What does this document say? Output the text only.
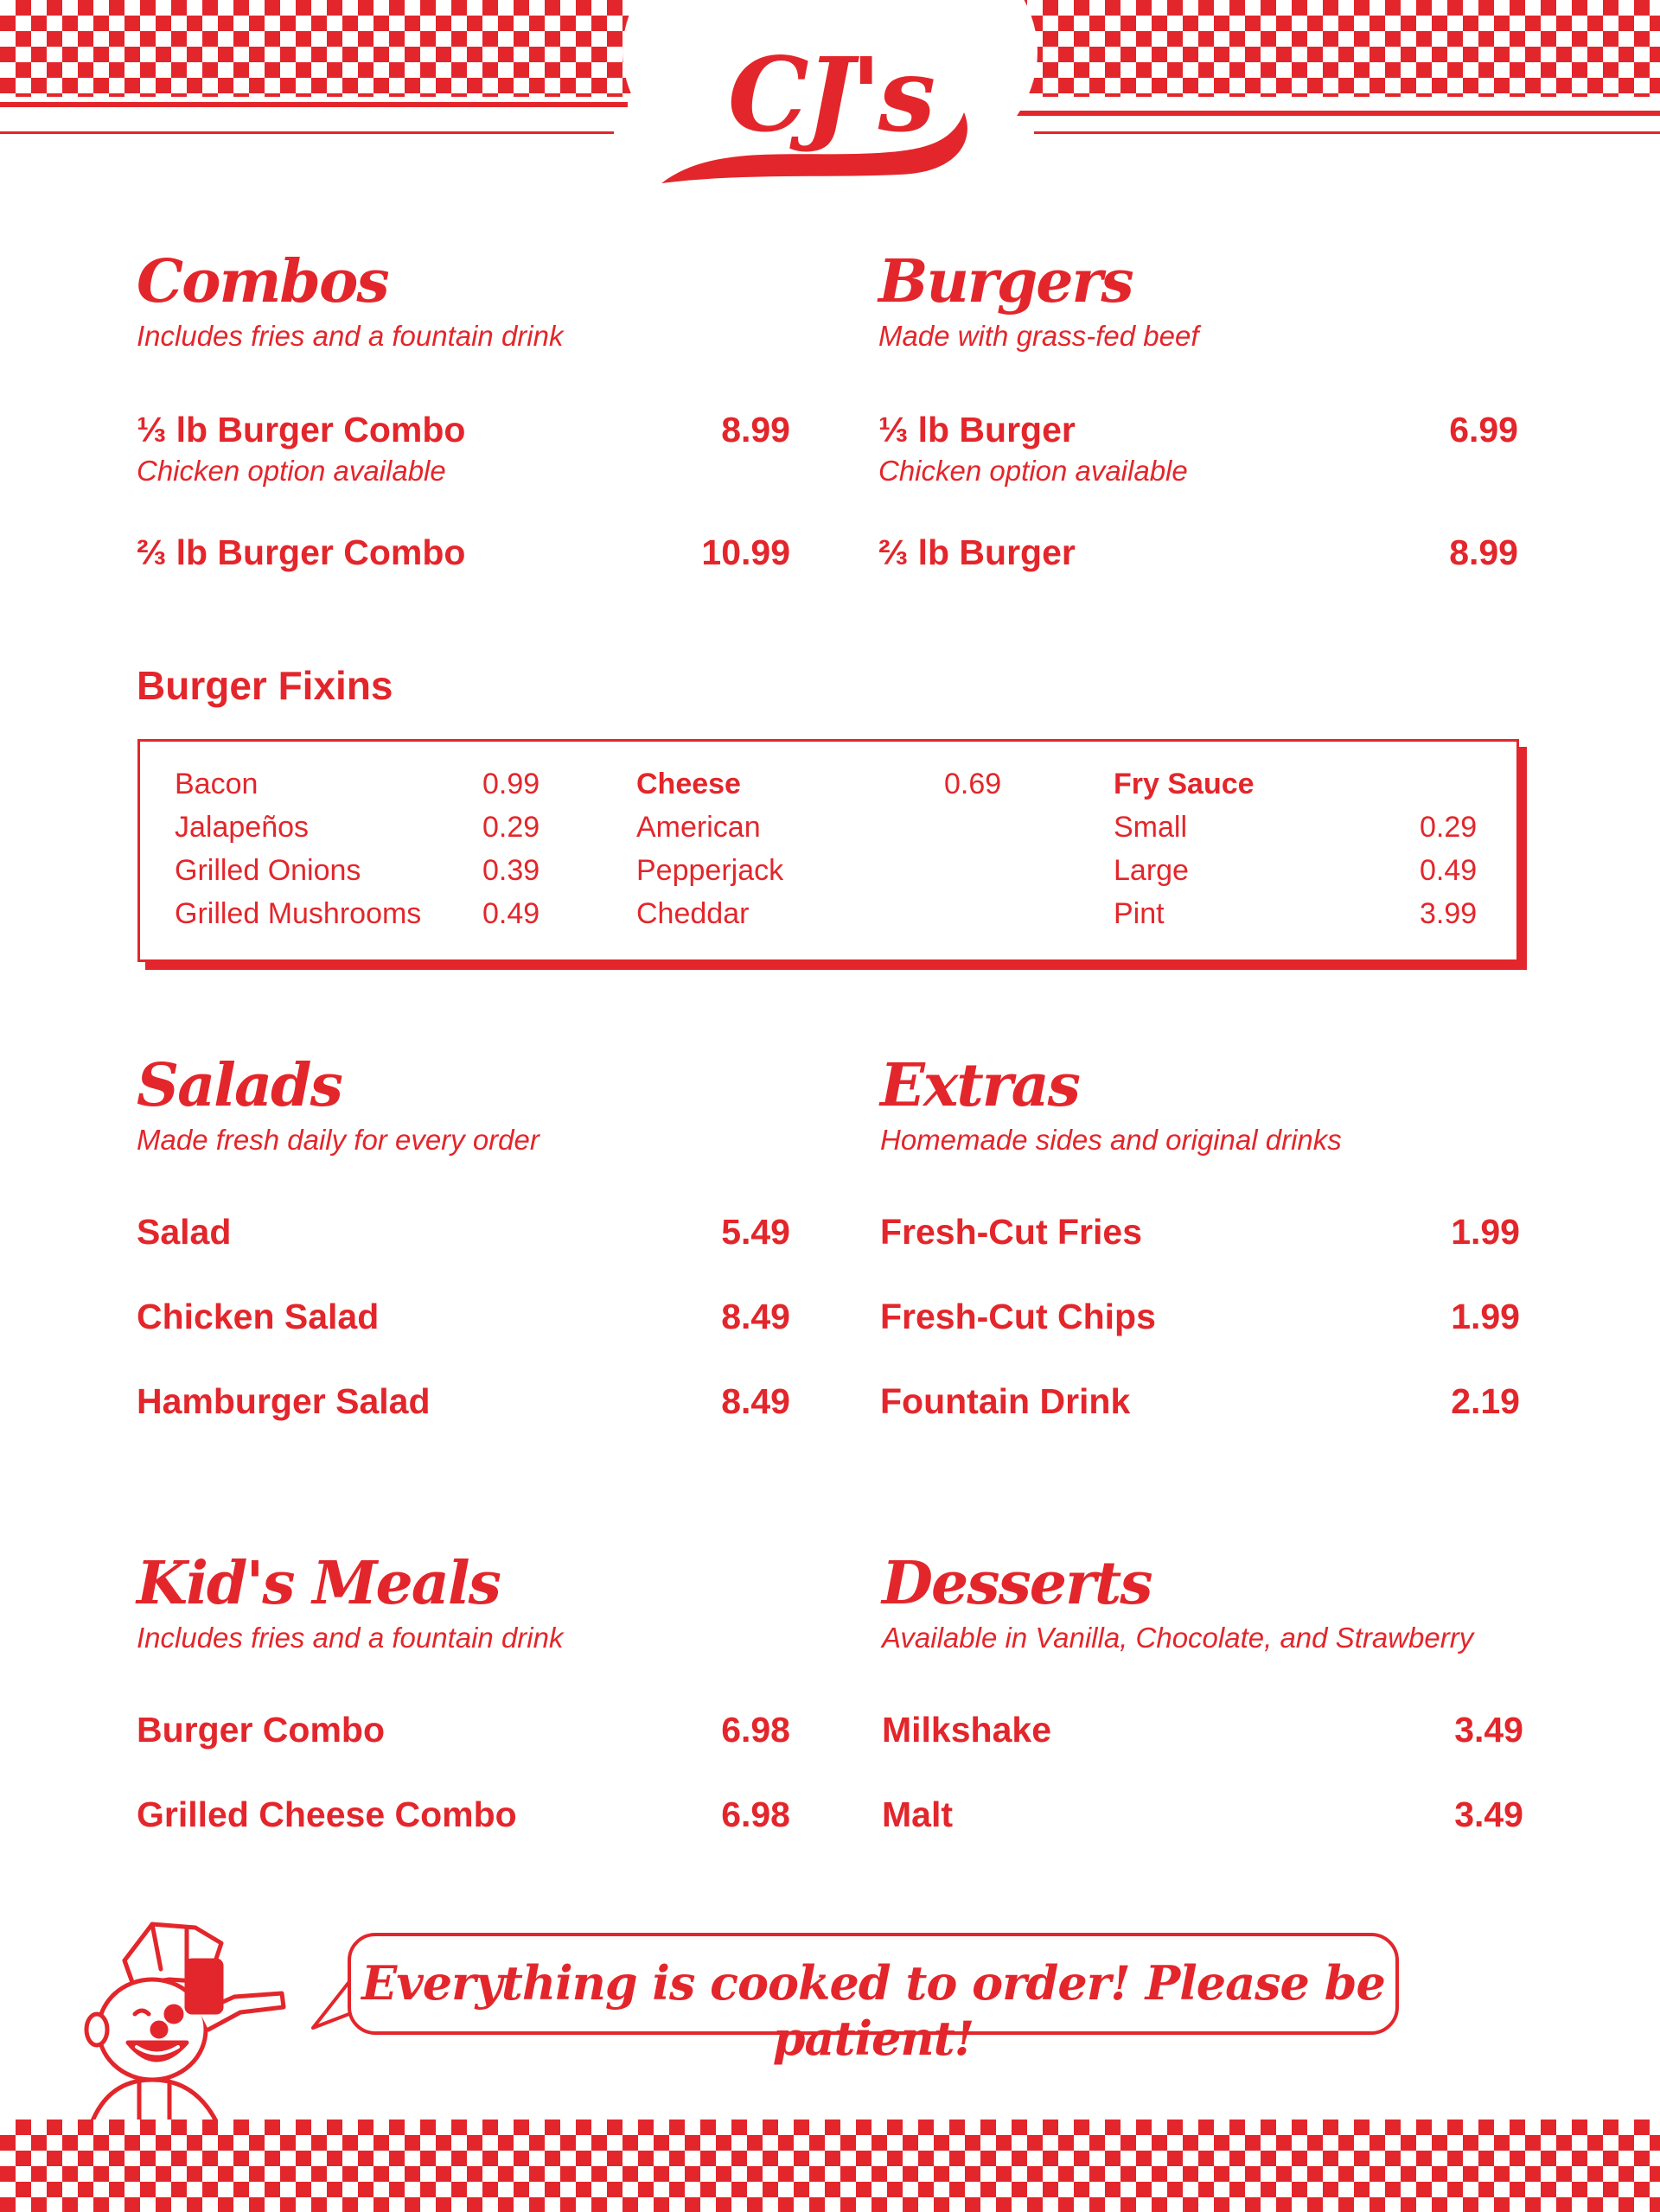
CJ's
Combos
Includes fries and a fountain drink
⅓ lb Burger Combo	8.99
Chicken option available
⅔ lb Burger Combo	10.99
Burgers
Made with grass-fed beef
⅓ lb Burger	6.99
Chicken option available
⅔ lb Burger	8.99
Burger Fixins
Bacon	0.99
Jalapeños	0.29
Grilled Onions	0.39
Grilled Mushrooms 0.49
Cheese	0.69
American
Pepperjack
Cheddar
Fry Sauce
Small	0.29
Large	0.49
Pint	3.99
Salads
Made fresh daily for every order
Salad	5.49
Chicken Salad	8.49
Hamburger Salad	8.49
Extras
Homemade sides and original drinks
Fresh-Cut Fries	1.99
Fresh-Cut Chips	1.99
Fountain Drink	2.19
Kid's Meals
Includes fries and a fountain drink
Burger Combo	6.98
Grilled Cheese Combo	6.98
Desserts
Available in Vanilla, Chocolate, and Strawberry
Milkshake	3.49
Malt	3.49
Everything is cooked to order! Please be patient!
